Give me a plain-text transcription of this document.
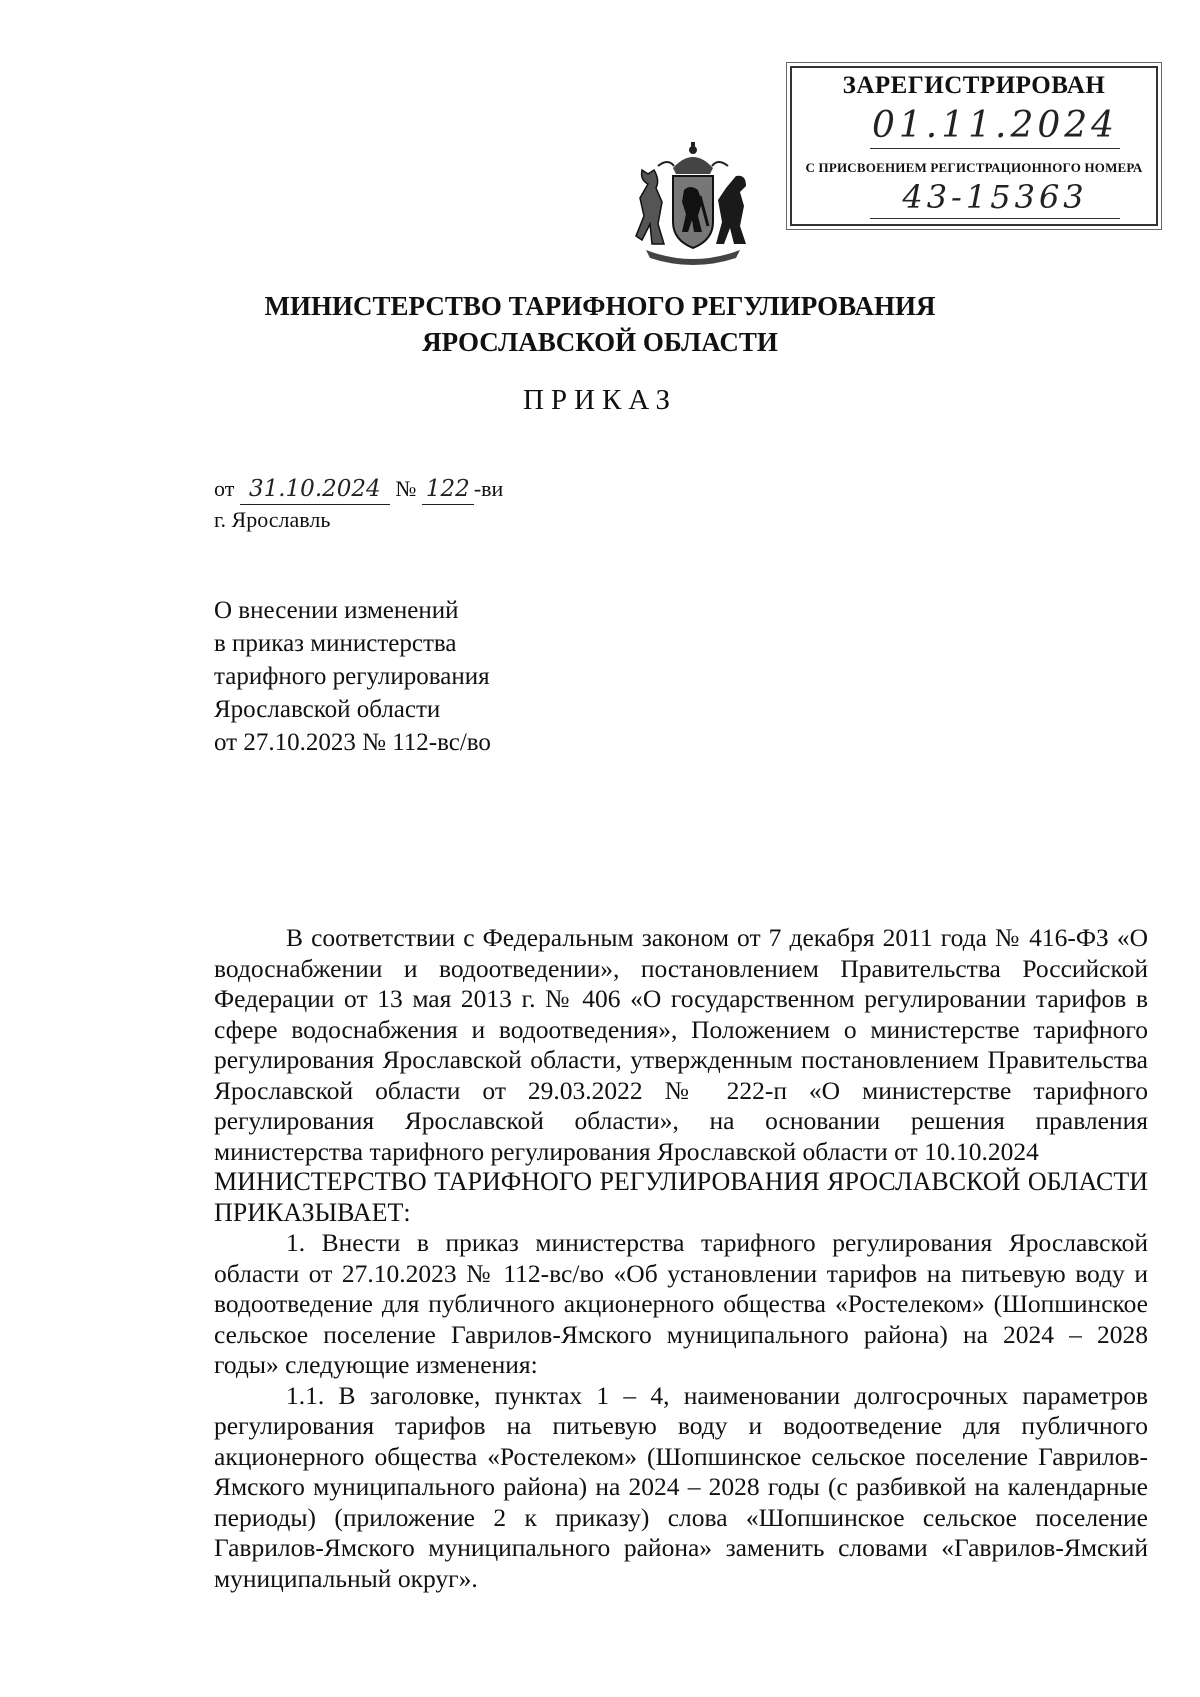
ЗАРЕГИСТРИРОВАН
01.11.2024
С ПРИСВОЕНИЕМ РЕГИСТРАЦИОННОГО НОМЕРА
43-15363
МИНИСТЕРСТВО ТАРИФНОГО РЕГУЛИРОВАНИЯ
ЯРОСЛАВСКОЙ ОБЛАСТИ
ПРИКАЗ
от 31.10.2024 № 122 -ви
г. Ярославль
О внесении изменений
в приказ министерства
тарифного регулирования
Ярославской области
от 27.10.2023 № 112-вс/во

В соответствии с Федеральным законом от 7 декабря 2011 года № 416-ФЗ «О водоснабжении и водоотведении», постановлением Правительства Российской Федерации от 13 мая 2013 г. № 406 «О государственном регулировании тарифов в сфере водоснабжения и водоотведения», Положением о министерстве тарифного регулирования Ярославской области, утвержденным постановлением Правительства Ярославской области от 29.03.2022 № 222-п «О министерстве тарифного регулирования Ярославской области», на основании решения правления министерства тарифного регулирования Ярославской области от 10.10.2024

МИНИСТЕРСТВО ТАРИФНОГО РЕГУЛИРОВАНИЯ ЯРОСЛАВСКОЙ ОБЛАСТИ ПРИКАЗЫВАЕТ:

1. Внести в приказ министерства тарифного регулирования Ярославской области от 27.10.2023 № 112-вс/во «Об установлении тарифов на питьевую воду и водоотведение для публичного акционерного общества «Ростелеком» (Шопшинское сельское поселение Гаврилов-Ямского муниципального района) на 2024 – 2028 годы» следующие изменения:

1.1. В заголовке, пунктах 1 – 4, наименовании долгосрочных параметров регулирования тарифов на питьевую воду и водоотведение для публичного акционерного общества «Ростелеком» (Шопшинское сельское поселение Гаврилов-Ямского муниципального района) на 2024 – 2028 годы (с разбивкой на календарные периоды) (приложение 2 к приказу) слова «Шопшинское сельское поселение Гаврилов-Ямского муниципального района» заменить словами «Гаврилов-Ямский муниципальный округ».
